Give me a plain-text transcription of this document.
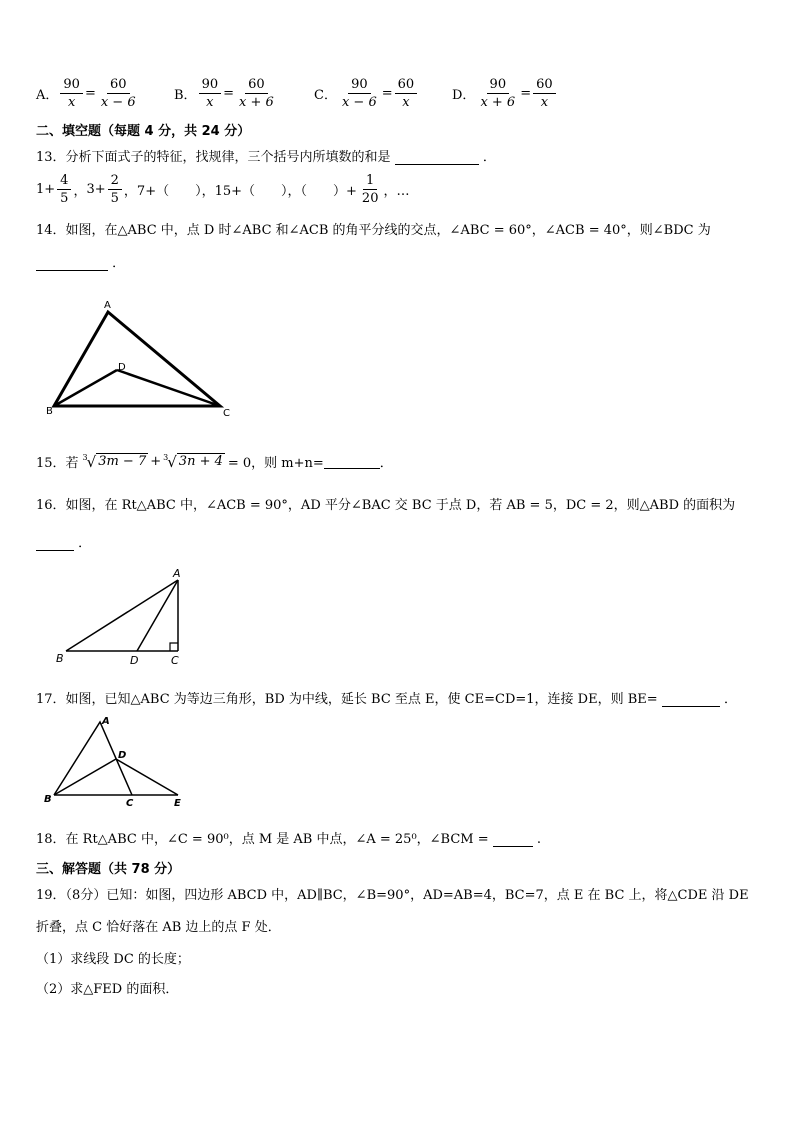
A． $\frac{90}{x} = \frac{60}{x - 6}$	B． $\frac{90}{x} = \frac{60}{x + 6}$	C． $\frac{90}{x - 6} = \frac{60}{x}$	D． $\frac{90}{x + 6} = \frac{60}{x}$
二、填空题（每题 4 分，共 24 分）
13．分析下面式子的特征，找规律，三个括号内所填数的和是	．
$1+ \frac{4}{5}$ ， $3+ \frac{2}{5}$ ，7+（　　），15+（　　），（　　）+ $\frac{1}{20}$ ，…
14．如图，在△ABC 中，点 D 时∠ABC 和∠ACB 的角平分线的交点，∠ABC = 60°，∠ACB = 40°，则∠BDC 为
．
A
B	C
D
15．若 3 √ 3m − 7 + 3 √ 3n + 4 = 0，则 m+n=	．
16．如图，在 Rt△ABC 中，∠ACB = 90°，AD 平分∠BAC 交 BC 于点 D，若 AB = 5，DC = 2，则△ABD 的面积为
．
A
B	D	C
17．如图，已知△ABC 为等边三角形，BD 为中线，延长 BC 至点 E，使 CE=CD=1，连接 DE，则 BE=	．
A
D
B	C	E
18．在 Rt△ABC 中，∠C = 90⁰，点 M 是 AB 中点，∠A = 25⁰，∠BCM =	.
三、解答题（共 78 分）
19．（8分）已知：如图，四边形 ABCD 中，AD∥BC，∠B=90°，AD=AB=4，BC=7，点 E 在 BC 上，将△CDE 沿 DE
折叠，点 C 恰好落在 AB 边上的点 F 处．
（1）求线段 DC 的长度；
（2）求△FED 的面积．
